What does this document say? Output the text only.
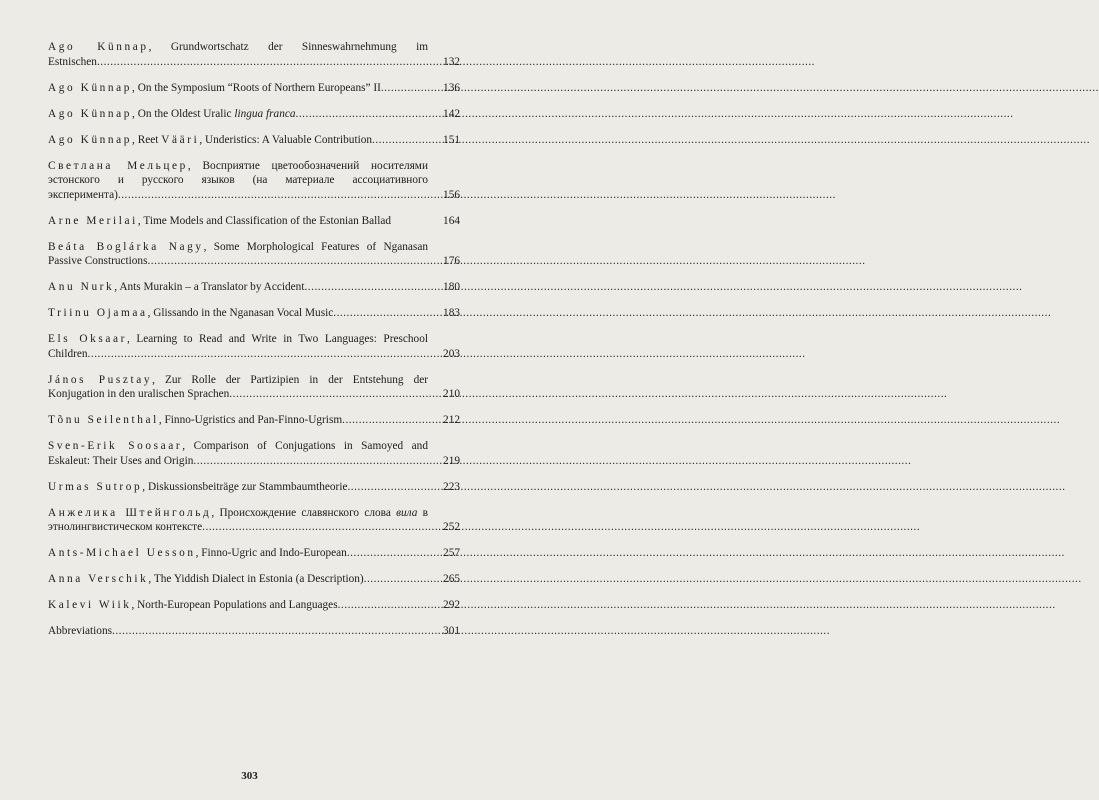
Ago Künnap, Grundwortschatz der Sinneswahrnehmung im
Estnischen .....	132
Ago Künnap, On the Symposium “Roots of Northern Europeans” II .....	136
Ago Künnap, On the Oldest Uralic lingua franca .....	142
Ago Künnap, Reet Vääri, Underistics: A Valuable Contribution .....	151
Светлана Мельцер, Восприятие цветообозначений носителями эстонского и русского языков (на материале ассоциативного
эксперимента) .....	156
Arne Merilai, Time Models and Classification of the Estonian Ballad	164
Beáta Boglárka Nagy, Some Morphological Features of Nganasan
Passive Constructions .....	176
Anu Nurk, Ants Murakin – a Translator by Accident .....	180
Triinu Ojamaa, Glissando in the Nganasan Vocal Music .....	183
Els Oksaar, Learning to Read and Write in Two Languages: Preschool
Children .....	203
János Pusztay, Zur Rolle der Partizipien in der Entstehung der
Konjugation in den uralischen Sprachen .....	210
Tõnu Seilenthal, Finno-Ugristics and Pan-Finno-Ugrism .....	212
Sven-Erik Soosaar, Comparison of Conjugations in Samoyed and
Eskaleut: Their Uses and Origin .....	219
Urmas Sutrop, Diskussionsbeiträge zur Stammbaumtheorie .....	223
Анжелика Штейнгольд, Происхождение славянского слова вила в
этнолингвистическом контексте .....	252
Ants-Michael Uesson, Finno-Ugric and Indo-European .....	257
Anna Verschik, The Yiddish Dialect in Estonia (a Description) .....	265
Kalevi Wiik, North-European Populations and Languages .....	292
Abbreviations .....	301
303
